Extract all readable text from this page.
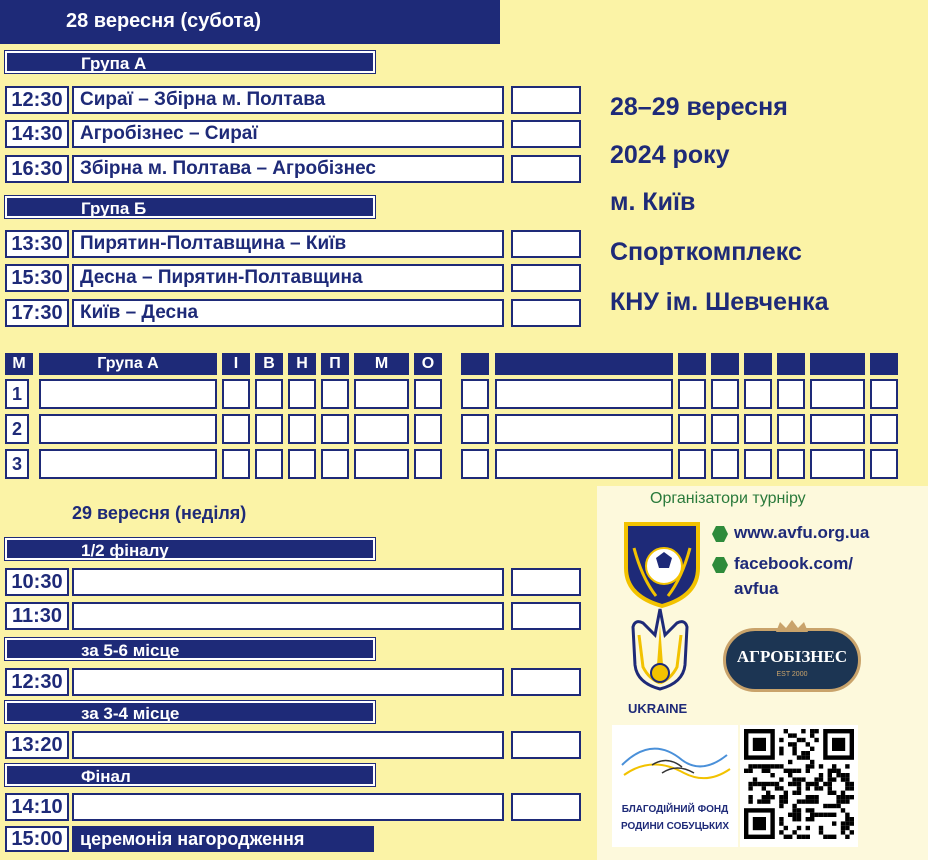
28 вересня (субота)
Група А
12:30 Сираї – Збірна м. Полтава
14:30 Агробізнес – Сираї
16:30 Збірна м. Полтава – Агробізнес
Група Б
13:30 Пирятин-Полтавщина – Київ
15:30 Десна – Пирятин-Полтавщина
17:30 Київ – Десна
28–29 вересня
2024 року
м. Київ
Спорткомплекс
КНУ ім. Шевченка
М	Група А	І	В	Н	П	М	О
1
2
3
29 вересня (неділя)
1/2 фіналу
10:30
11:30
за 5-6 місце
12:30
за 3-4 місце
13:20
Фінал
14:10
15:00 церемонія нагородження
Організатори турніру
www.avfu.org.ua
facebook.com/
avfua
UKRAINE
АГРОБІЗНЕС
EST 2000
БЛАГОДІЙНИЙ ФОНД
РОДИНИ СОБУЦЬКИХ
